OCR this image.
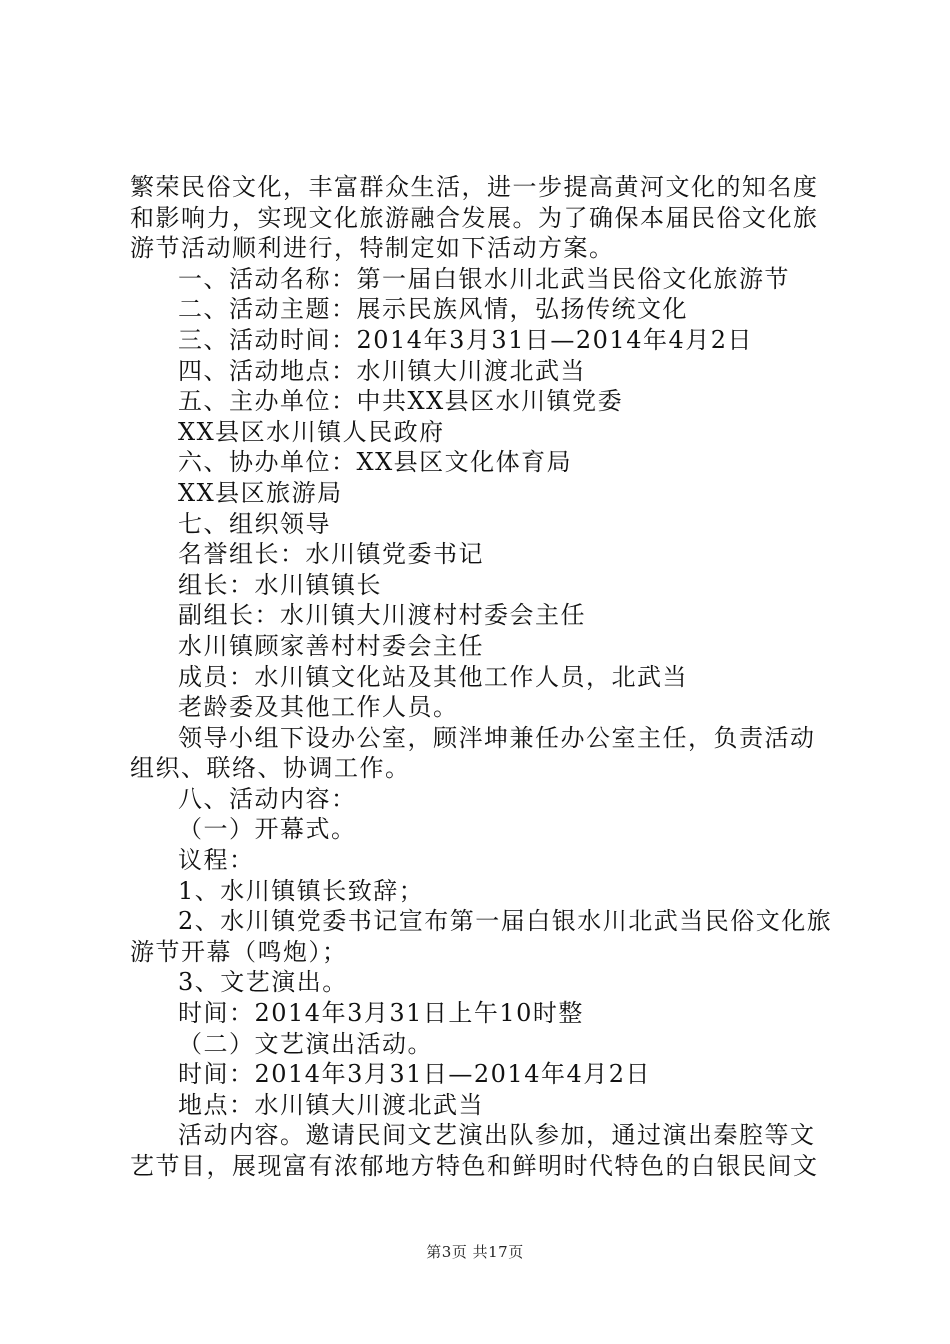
繁荣民俗文化，丰富群众生活，进一步提高黄河文化的知名度
和影响力，实现文化旅游融合发展。为了确保本届民俗文化旅
游节活动顺利进行，特制定如下活动方案。
一、活动名称：第一届白银水川北武当民俗文化旅游节
二、活动主题：展示民族风情，弘扬传统文化
三、活动时间：2014年3月31日—2014年4月2日
四、活动地点：水川镇大川渡北武当
五、主办单位：中共XX县区水川镇党委
XX县区水川镇人民政府
六、协办单位：XX县区文化体育局
XX县区旅游局
七、组织领导
名誉组长：水川镇党委书记
组长：水川镇镇长
副组长：水川镇大川渡村村委会主任
水川镇顾家善村村委会主任
成员：水川镇文化站及其他工作人员，北武当
老龄委及其他工作人员。
领导小组下设办公室，顾泮坤兼任办公室主任，负责活动
组织、联络、协调工作。
八、活动内容：
（一）开幕式。
议程：
1、水川镇镇长致辞；
2、水川镇党委书记宣布第一届白银水川北武当民俗文化旅
游节开幕（鸣炮）；
3、文艺演出。
时间：2014年3月31日上午10时整
（二）文艺演出活动。
时间：2014年3月31日—2014年4月2日
地点：水川镇大川渡北武当
活动内容。邀请民间文艺演出队参加，通过演出秦腔等文
艺节目，展现富有浓郁地方特色和鲜明时代特色的白银民间文
第3页 共17页
